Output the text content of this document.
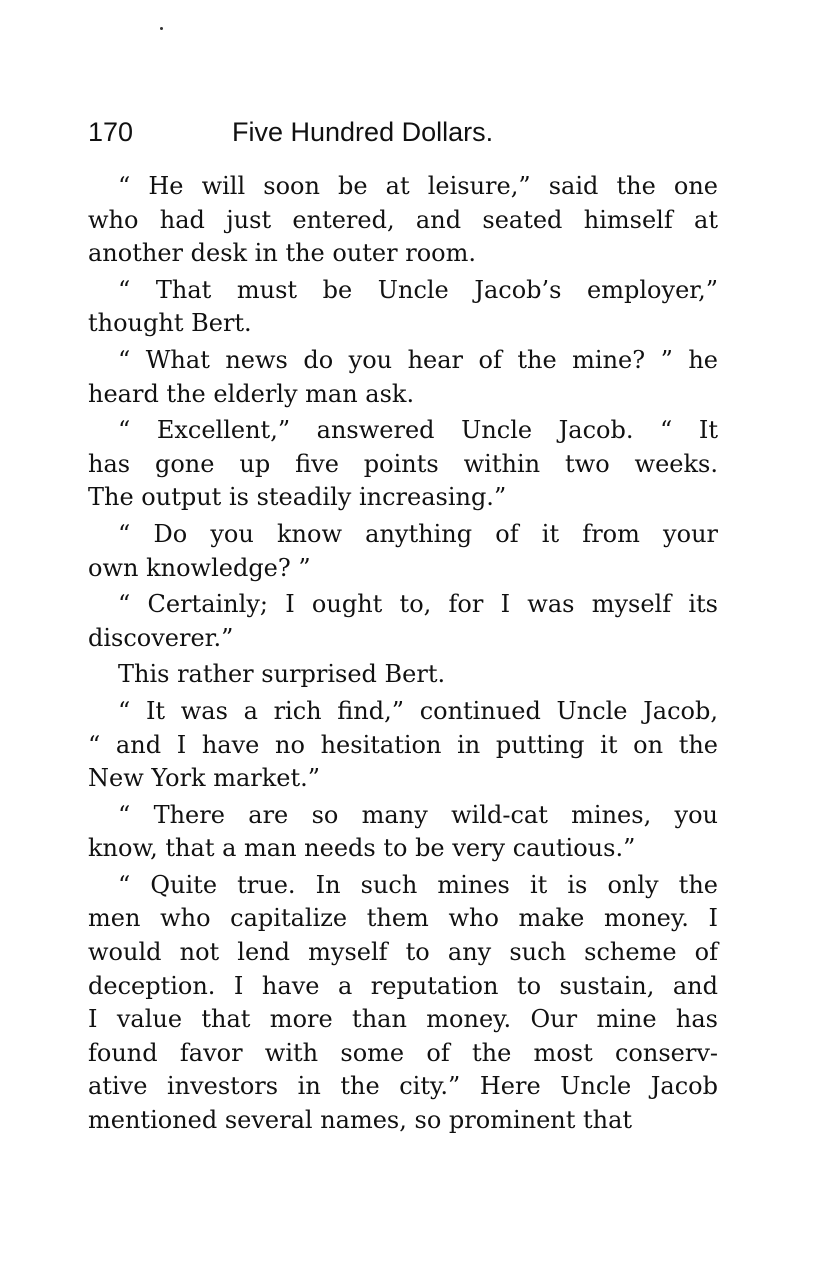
170	Five Hundred Dollars.
“ He will soon be at leisure,” said the one
who had just entered, and seated himself at
another desk in the outer room.
“ That must be Uncle Jacob’s employer,”
thought Bert.
“ What news do you hear of the mine? ” he
heard the elderly man ask.
“ Excellent,” answered Uncle Jacob. “ It
has gone up five points within two weeks.
The output is steadily increasing.”
“ Do you know anything of it from your
own knowledge? ”
“ Certainly; I ought to, for I was myself its
discoverer.”
This rather surprised Bert.
“ It was a rich find,” continued Uncle Jacob,
“ and I have no hesitation in putting it on the
New York market.”
“ There are so many wild-cat mines, you
know, that a man needs to be very cautious.”
“ Quite true. In such mines it is only the
men who capitalize them who make money. I
would not lend myself to any such scheme of
deception. I have a reputation to sustain, and
I value that more than money. Our mine has
found favor with some of the most conserv-
ative investors in the city.” Here Uncle Jacob
mentioned several names, so prominent that
